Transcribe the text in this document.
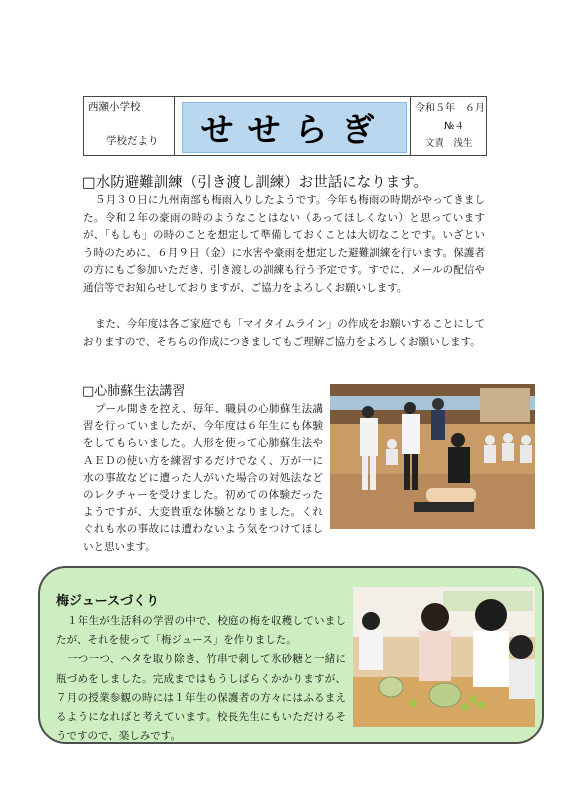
西瀬小学校
学校だより せせらぎ
令和５年　６月
№４
文責　浅生
□水防避難訓練（引き渡し訓練）お世話になります。
５月３０日に九州南部も梅雨入りしたようです。今年も梅雨の時期がやってきました。令和２年の豪雨の時のようなことはない（あってほしくない）と思っていますが、「もしも」の時のことを想定して準備しておくことは大切なことです。いざという時のために、６月９日（金）に水害や豪雨を想定した避難訓練を行います。保護者の方にもご参加いただき、引き渡しの訓練も行う予定です。すでに、メールの配信や通信等でお知らせしておりますが、ご協力をよろしくお願いします。
また、今年度は各ご家庭でも「マイタイムライン」の作成をお願いすることにしておりますので、そちらの作成につきましてもご理解ご協力をよろしくお願いします。
□心肺蘇生法講習
プール開きを控え、毎年、職員の心肺蘇生法講習を行っていましたが、今年度は６年生にも体験をしてもらいました。人形を使って心肺蘇生法やＡＥＤの使い方を練習するだけでなく、万が一に水の事故などに遭った人がいた場合の対処法などのレクチャーを受けました。初めての体験だったようですが、大変貴重な体験となりました。くれぐれも水の事故には遭わないよう気をつけてほしいと思います。
梅ジュースづくり
１年生が生活科の学習の中で、校庭の梅を収穫していましたが、それを使って「梅ジュース」を作りました。
一つ一つ、ヘタを取り除き、竹串で刺して氷砂糖と一緒に瓶づめをしました。完成まではもうしばらくかかりますが、７月の授業参観の時には１年生の保護者の方々にはふるまえるようになればと考えています。校長先生にもいただけるそうですので、楽しみです。
